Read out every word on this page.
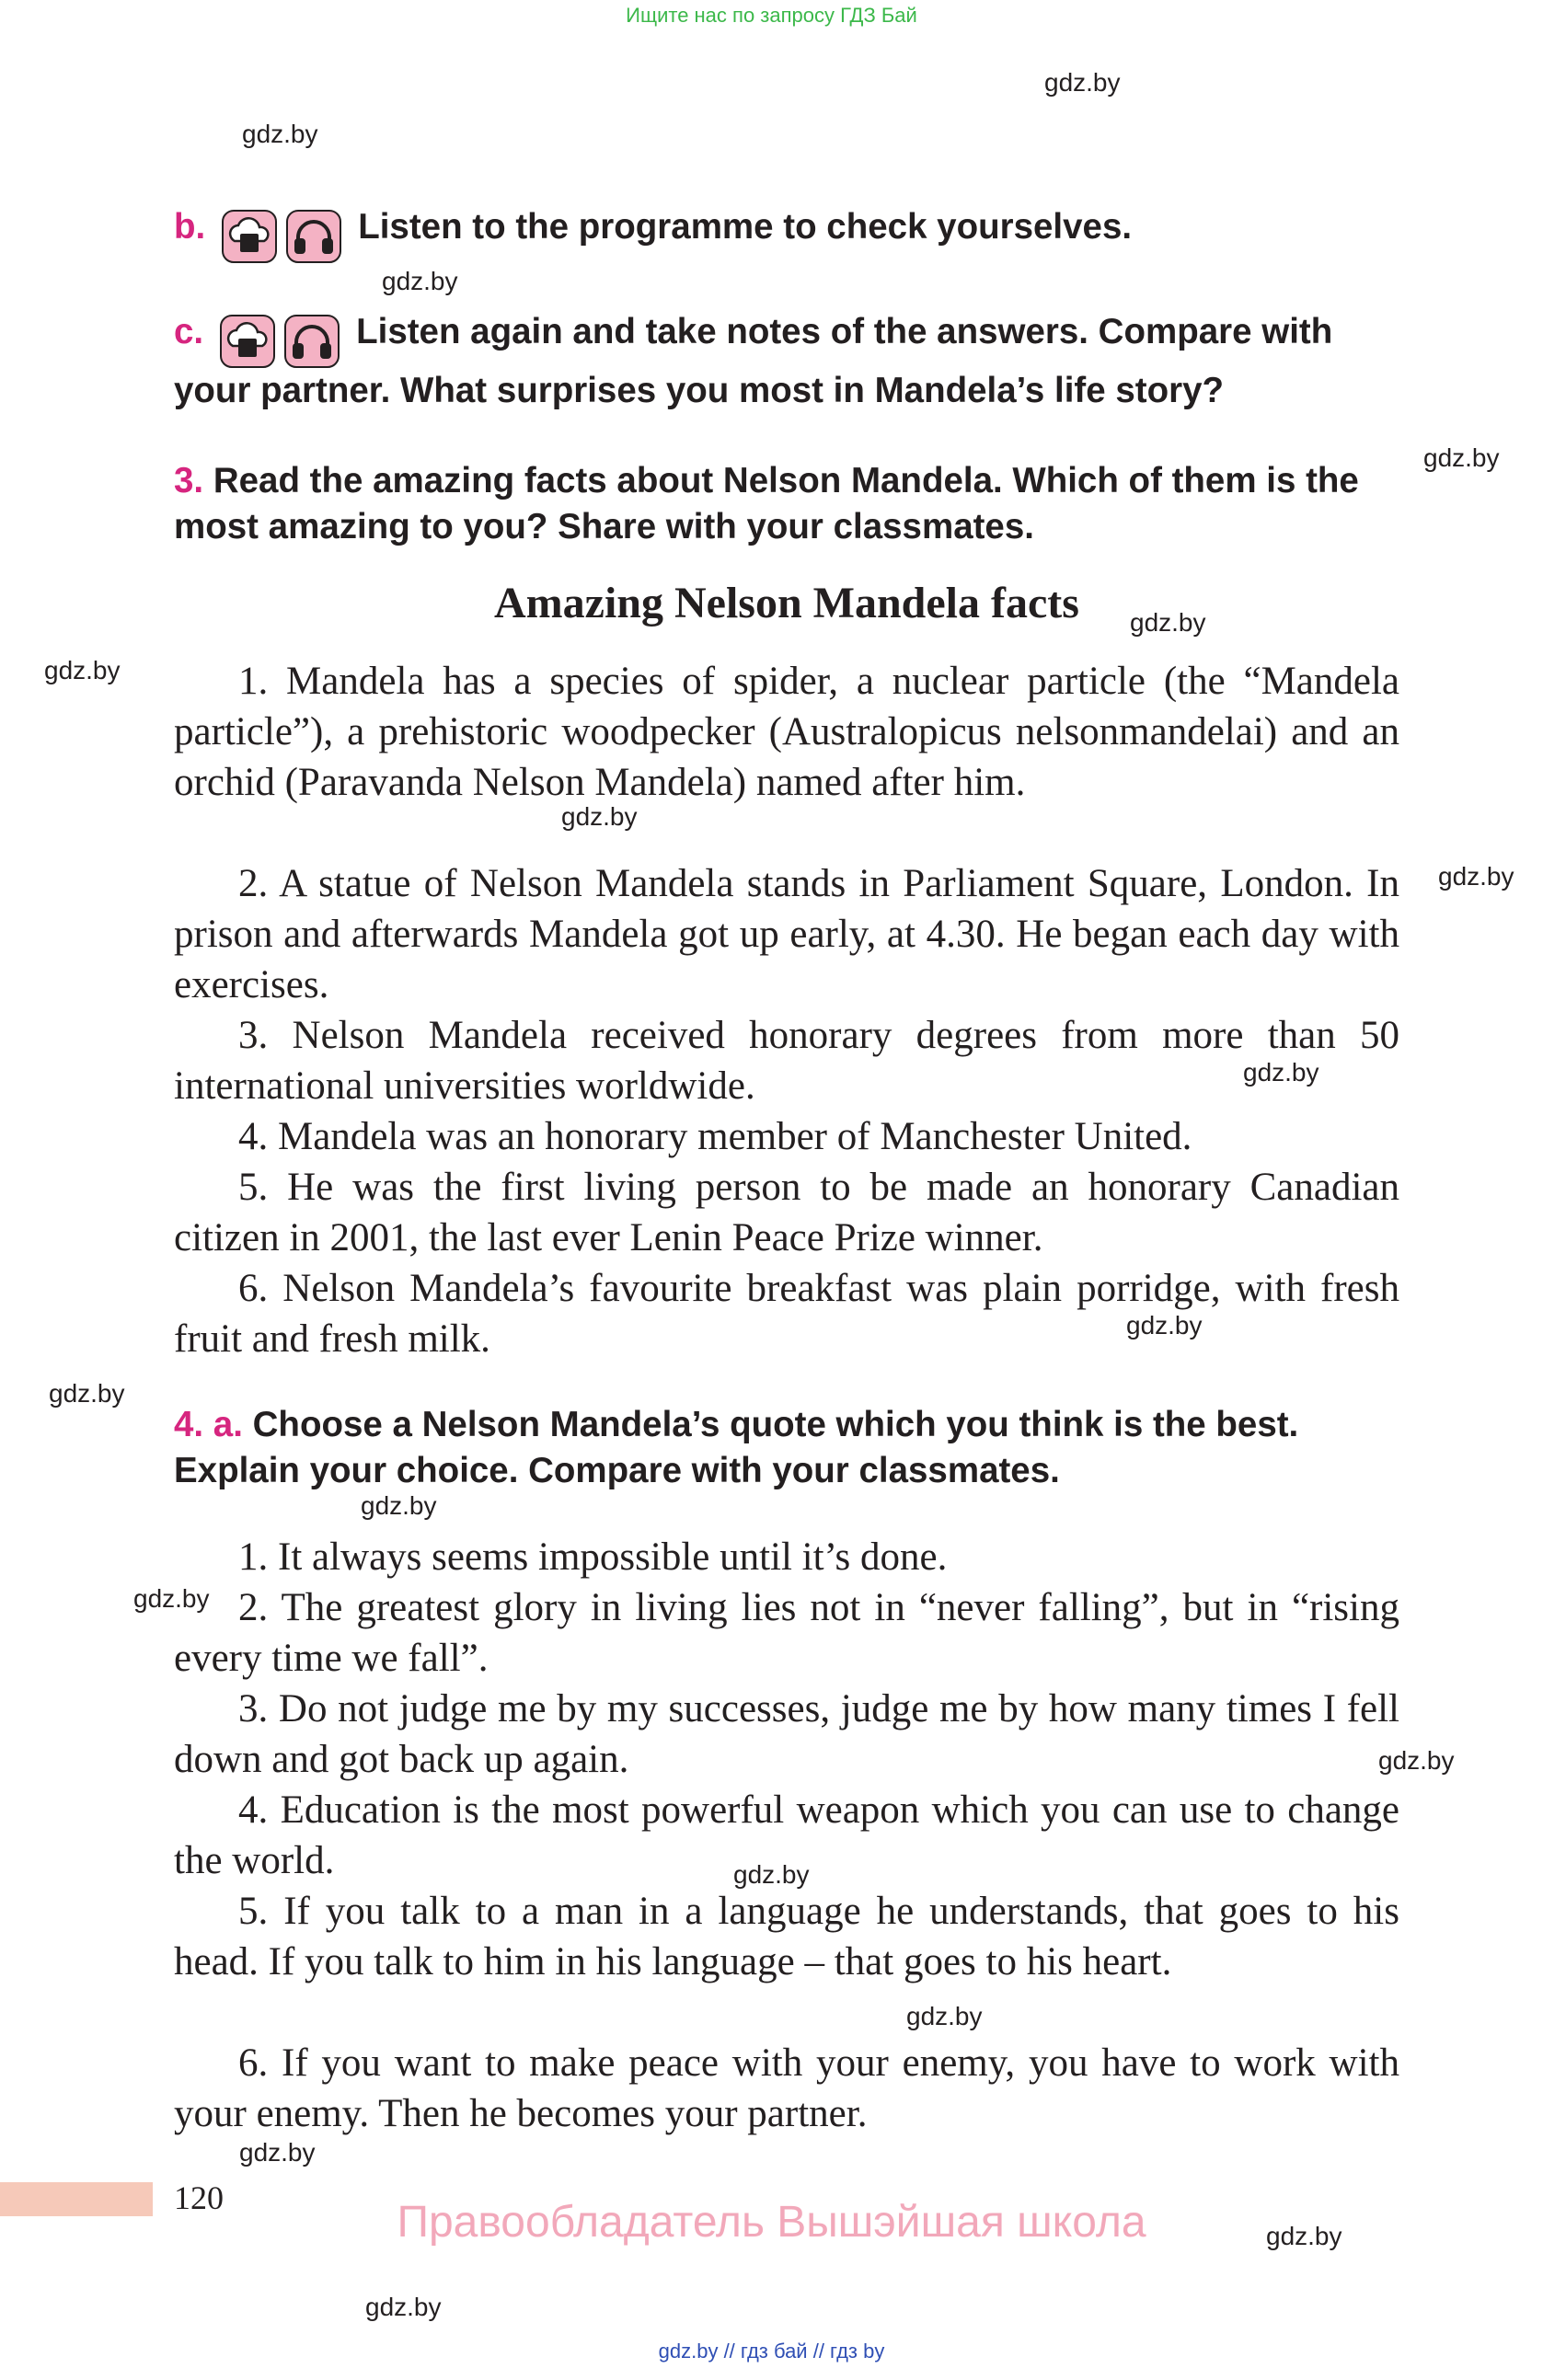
Ищите нас по запросу ГДЗ Бай
gdz.by
gdz.by
gdz.by
gdz.by
gdz.by
gdz.by
gdz.by
gdz.by
gdz.by
gdz.by
gdz.by
gdz.by
gdz.by
gdz.by
gdz.by
gdz.by
gdz.by
gdz.by
gdz.by
b.	Listen to the programme to check yourselves.
c.	Listen again and take notes of the answers. Compare with your partner. What surprises you most in Mandela’s life story?
3. Read the amazing facts about Nelson Mandela. Which of them is the most amazing to you? Share with your classmates.
Amazing Nelson Mandela facts

1. Mandela has a species of spider, a nuclear particle (the “Mandela particle”), a prehistoric woodpecker (Australopicus nelsonmandelai) and an orchid (Paravanda Nelson Mandela) named after him.

2. A statue of Nelson Mandela stands in Parliament Square, London. In prison and afterwards Mandela got up early, at 4.30. He began each day with exercises.

3. Nelson Mandela received honorary degrees from more than 50 international universities worldwide.

4. Mandela was an honorary member of Manchester United.

5. He was the first living person to be made an honorary Canadian citizen in 2001, the last ever Lenin Peace Prize winner.

6. Nelson Mandela’s favourite breakfast was plain porridge, with fresh fruit and fresh milk.

4. a. Choose a Nelson Mandela’s quote which you think is the best. Explain your choice. Compare with your classmates.

1. It always seems impossible until it’s done.

2. The greatest glory in living lies not in “never falling”, but in “rising every time we fall”.

3. Do not judge me by my successes, judge me by how many times I fell down and got back up again.

4. Education is the most powerful weapon which you can use to change the world.

5. If you talk to a man in a language he understands, that goes to his head. If you talk to him in his language – that goes to his heart.

6. If you want to make peace with your enemy, you have to work with your enemy. Then he becomes your partner.

120	Правообладатель Вышэйшая школа
gdz.by // гдз бай // гдз by
